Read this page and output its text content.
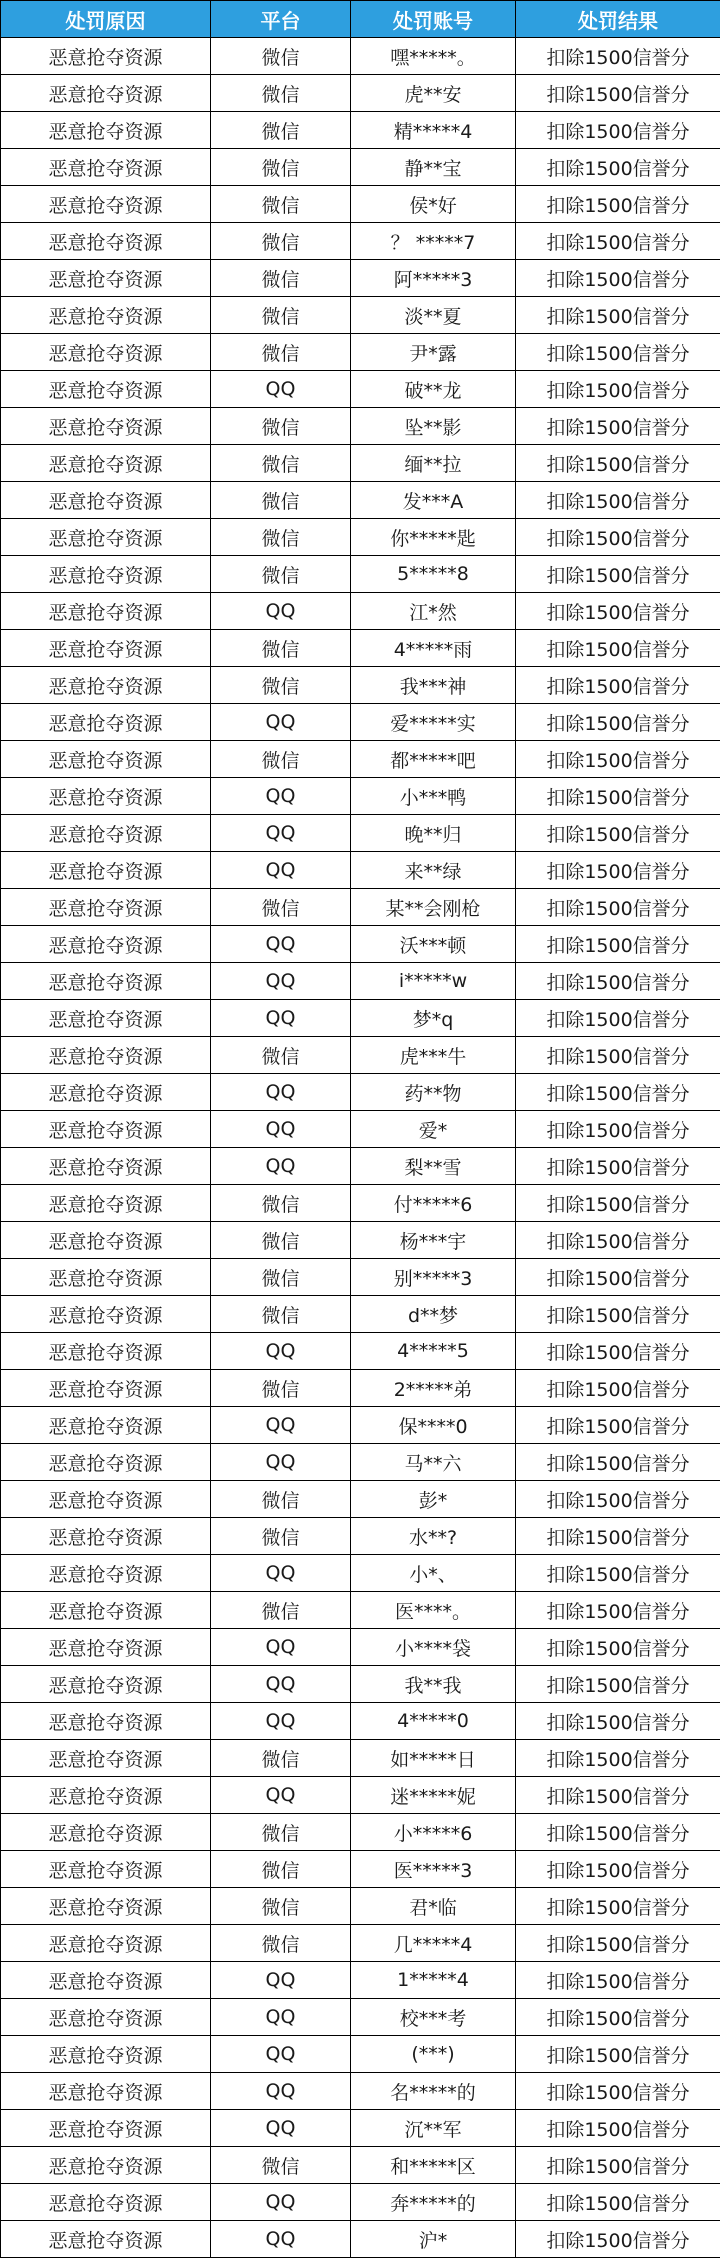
处罚原因	平台	处罚账号	处罚结果
恶意抢夺资源	微信	嘿*****。	扣除1500信誉分
恶意抢夺资源	微信	虎**安	扣除1500信誉分
恶意抢夺资源	微信	精*****4	扣除1500信誉分
恶意抢夺资源	微信	静**宝	扣除1500信誉分
恶意抢夺资源	微信	侯*好	扣除1500信誉分
恶意抢夺资源	微信	？ *****7	扣除1500信誉分
恶意抢夺资源	微信	阿*****3	扣除1500信誉分
恶意抢夺资源	微信	淡**夏	扣除1500信誉分
恶意抢夺资源	微信	尹*露	扣除1500信誉分
恶意抢夺资源	QQ	破**龙	扣除1500信誉分
恶意抢夺资源	微信	坠**影	扣除1500信誉分
恶意抢夺资源	微信	缅**拉	扣除1500信誉分
恶意抢夺资源	微信	发***A	扣除1500信誉分
恶意抢夺资源	微信	你*****匙	扣除1500信誉分
恶意抢夺资源	微信	5*****8	扣除1500信誉分
恶意抢夺资源	QQ	江*然	扣除1500信誉分
恶意抢夺资源	微信	4*****雨	扣除1500信誉分
恶意抢夺资源	微信	我***神	扣除1500信誉分
恶意抢夺资源	QQ	爱*****实	扣除1500信誉分
恶意抢夺资源	微信	都*****吧	扣除1500信誉分
恶意抢夺资源	QQ	小***鸭	扣除1500信誉分
恶意抢夺资源	QQ	晚**归	扣除1500信誉分
恶意抢夺资源	QQ	来**绿	扣除1500信誉分
恶意抢夺资源	微信	某**会刚枪	扣除1500信誉分
恶意抢夺资源	QQ	沃***顿	扣除1500信誉分
恶意抢夺资源	QQ	i*****w	扣除1500信誉分
恶意抢夺资源	QQ	梦*q	扣除1500信誉分
恶意抢夺资源	微信	虎***牛	扣除1500信誉分
恶意抢夺资源	QQ	药**物	扣除1500信誉分
恶意抢夺资源	QQ	爱*	扣除1500信誉分
恶意抢夺资源	QQ	梨**雪	扣除1500信誉分
恶意抢夺资源	微信	付*****6	扣除1500信誉分
恶意抢夺资源	微信	杨***宇	扣除1500信誉分
恶意抢夺资源	微信	别*****3	扣除1500信誉分
恶意抢夺资源	微信	d**梦	扣除1500信誉分
恶意抢夺资源	QQ	4*****5	扣除1500信誉分
恶意抢夺资源	微信	2*****弟	扣除1500信誉分
恶意抢夺资源	QQ	保****0	扣除1500信誉分
恶意抢夺资源	QQ	马**六	扣除1500信誉分
恶意抢夺资源	微信	彭*	扣除1500信誉分
恶意抢夺资源	微信	水**?	扣除1500信誉分
恶意抢夺资源	QQ	小*、	扣除1500信誉分
恶意抢夺资源	微信	医****。	扣除1500信誉分
恶意抢夺资源	QQ	小****袋	扣除1500信誉分
恶意抢夺资源	QQ	我**我	扣除1500信誉分
恶意抢夺资源	QQ	4*****0	扣除1500信誉分
恶意抢夺资源	微信	如*****日	扣除1500信誉分
恶意抢夺资源	QQ	迷*****妮	扣除1500信誉分
恶意抢夺资源	微信	小*****6	扣除1500信誉分
恶意抢夺资源	微信	医*****3	扣除1500信誉分
恶意抢夺资源	微信	君*临	扣除1500信誉分
恶意抢夺资源	微信	几*****4	扣除1500信誉分
恶意抢夺资源	QQ	1*****4	扣除1500信誉分
恶意抢夺资源	QQ	校***考	扣除1500信誉分
恶意抢夺资源	QQ	(***)	扣除1500信誉分
恶意抢夺资源	QQ	名*****的	扣除1500信誉分
恶意抢夺资源	QQ	沉**军	扣除1500信誉分
恶意抢夺资源	微信	和*****区	扣除1500信誉分
恶意抢夺资源	QQ	奔*****的	扣除1500信誉分
恶意抢夺资源	QQ	沪*	扣除1500信誉分
